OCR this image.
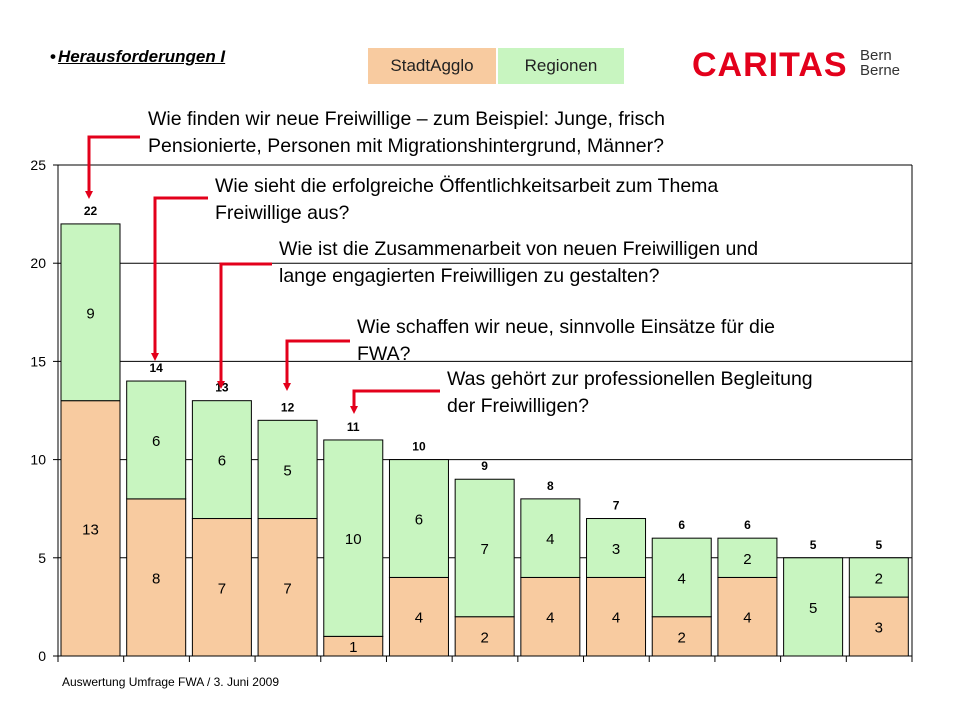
• Herausforderungen I	StadtAgglo	Regionen	CARITAS Bern
Berne
0
5
10
15
20
25
13
9
22
8
6
14
7
6
13
7
5
12
1
10
11
4
6
10
2
7
9
4
4
8
4
3
7
2
4
6
4
2
6
5
5
3
2
5
Wie finden wir neue Freiwillige – zum Beispiel: Junge, frisch
Pensionierte, Personen mit Migrationshintergrund, Männer?
Wie sieht die erfolgreiche Öffentlichkeitsarbeit zum Thema
Freiwillige aus?
Wie ist die Zusammenarbeit von neuen Freiwilligen und
lange engagierten Freiwilligen zu gestalten?
Wie schaffen wir neue, sinnvolle Einsätze für die
FWA?
Was gehört zur professionellen Begleitung
der Freiwilligen?
Auswertung Umfrage FWA / 3. Juni 2009
